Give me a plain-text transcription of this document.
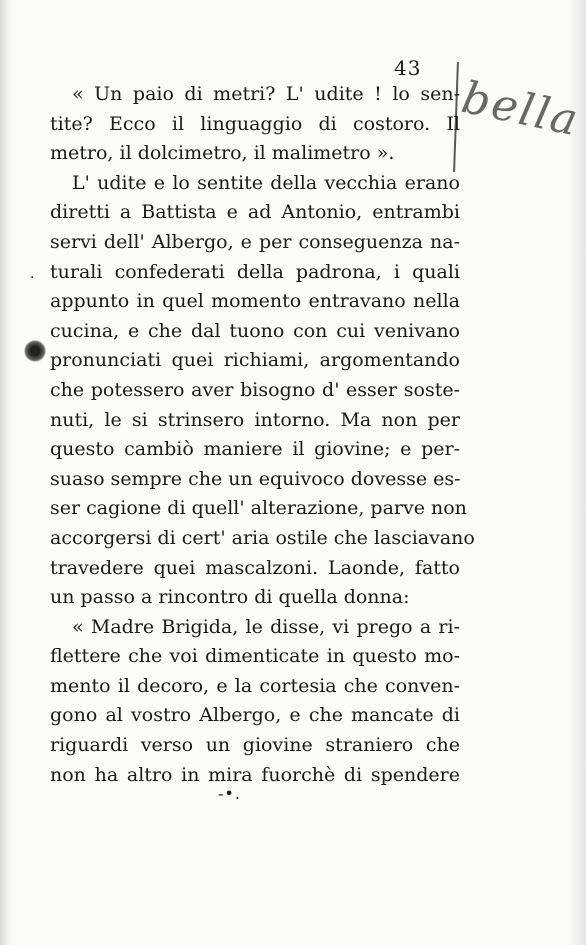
43
bella
·
« Un paio di metri? L' udite ! lo sen-
tite? Ecco il linguaggio di costoro. Il
metro, il dolcimetro, il malimetro ».
L' udite e lo sentite della vecchia erano
diretti a Battista e ad Antonio, entrambi
servi dell' Albergo, e per conseguenza na-
turali confederati della padrona, i quali
appunto in quel momento entravano nella
cucina, e che dal tuono con cui venivano
pronunciati quei richiami, argomentando
che potessero aver bisogno d' esser soste-
nuti, le si strinsero intorno. Ma non per
questo cambiò maniere il giovine; e per-
suaso sempre che un equivoco dovesse es-
ser cagione di quell' alterazione, parve non
accorgersi di cert' aria ostile che lasciavano
travedere quei mascalzoni. Laonde, fatto
un passo a rincontro di quella donna:
« Madre Brigida, le disse, vi prego a ri-
flettere che voi dimenticate in questo mo-
mento il decoro, e la cortesia che conven-
gono al vostro Albergo, e che mancate di
riguardi verso un giovine straniero che
non ha altro in mira fuorchè di spendere
-•.
